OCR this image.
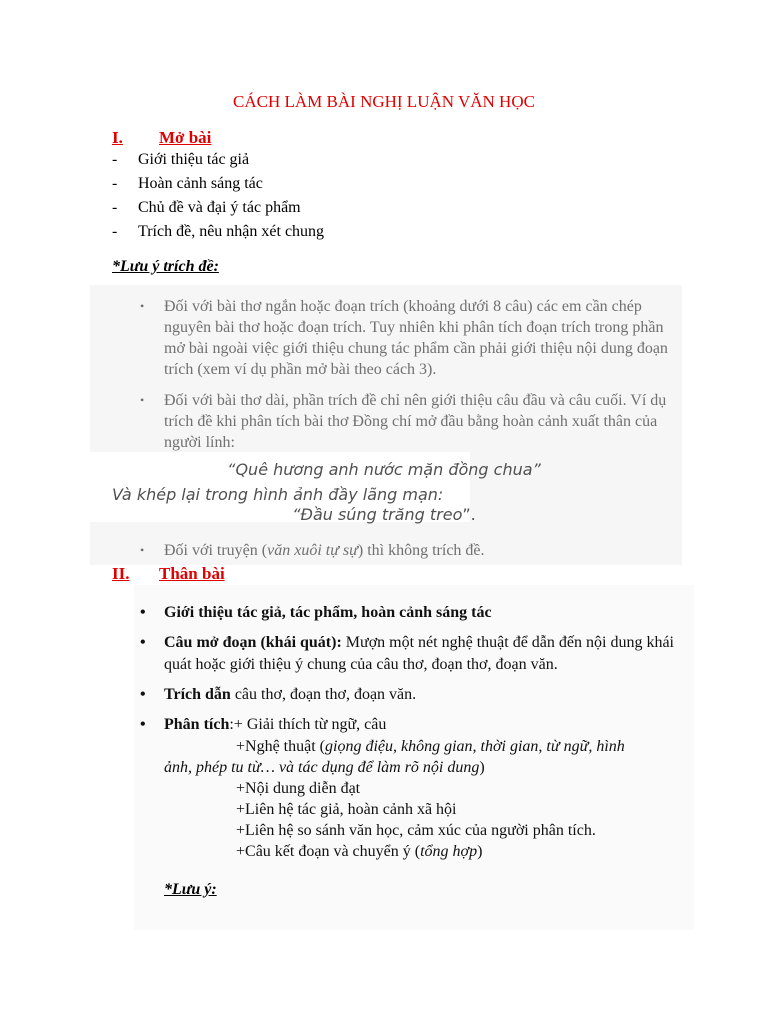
CÁCH LÀM BÀI NGHỊ LUẬN VĂN HỌC
I. Mở bài
- Giới thiệu tác giả
- Hoàn cảnh sáng tác
- Chủ đề và đại ý tác phẩm
- Trích đề, nêu nhận xét chung
*Lưu ý trích đề:
• Đối với bài thơ ngắn hoặc đoạn trích (khoảng dưới 8 câu) các em cần chép nguyên bài thơ hoặc đoạn trích. Tuy nhiên khi phân tích đoạn trích trong phần mở bài ngoài việc giới thiệu chung tác phẩm cần phải giới thiệu nội dung đoạn trích (xem ví dụ phần mở bài theo cách 3).
• Đối với bài thơ dài, phần trích đề chỉ nên giới thiệu câu đầu và câu cuối. Ví dụ trích đề khi phân tích bài thơ Đồng chí mở đầu bằng hoàn cảnh xuất thân của người lính:
“Quê hương anh nước mặn đồng chua”
Và khép lại trong hình ảnh đầy lãng mạn:
“Đầu súng trăng treo”.
• Đối với truyện (văn xuôi tự sự) thì không trích đề.
II. Thân bài
• Giới thiệu tác giả, tác phẩm, hoàn cảnh sáng tác
• Câu mở đoạn (khái quát): Mượn một nét nghệ thuật để dẫn đến nội dung khái quát hoặc giới thiệu ý chung của câu thơ, đoạn thơ, đoạn văn.
• Trích dẫn câu thơ, đoạn thơ, đoạn văn.
• Phân tích:+ Giải thích từ ngữ, câu
+Nghệ thuật (giọng điệu, không gian, thời gian, từ ngữ, hình
ảnh, phép tu từ… và tác dụng để làm rõ nội dung)
+Nội dung diễn đạt
+Liên hệ tác giả, hoàn cảnh xã hội
+Liên hệ so sánh văn học, cảm xúc của người phân tích.
+Câu kết đoạn và chuyển ý (tổng hợp)
*Lưu ý:
